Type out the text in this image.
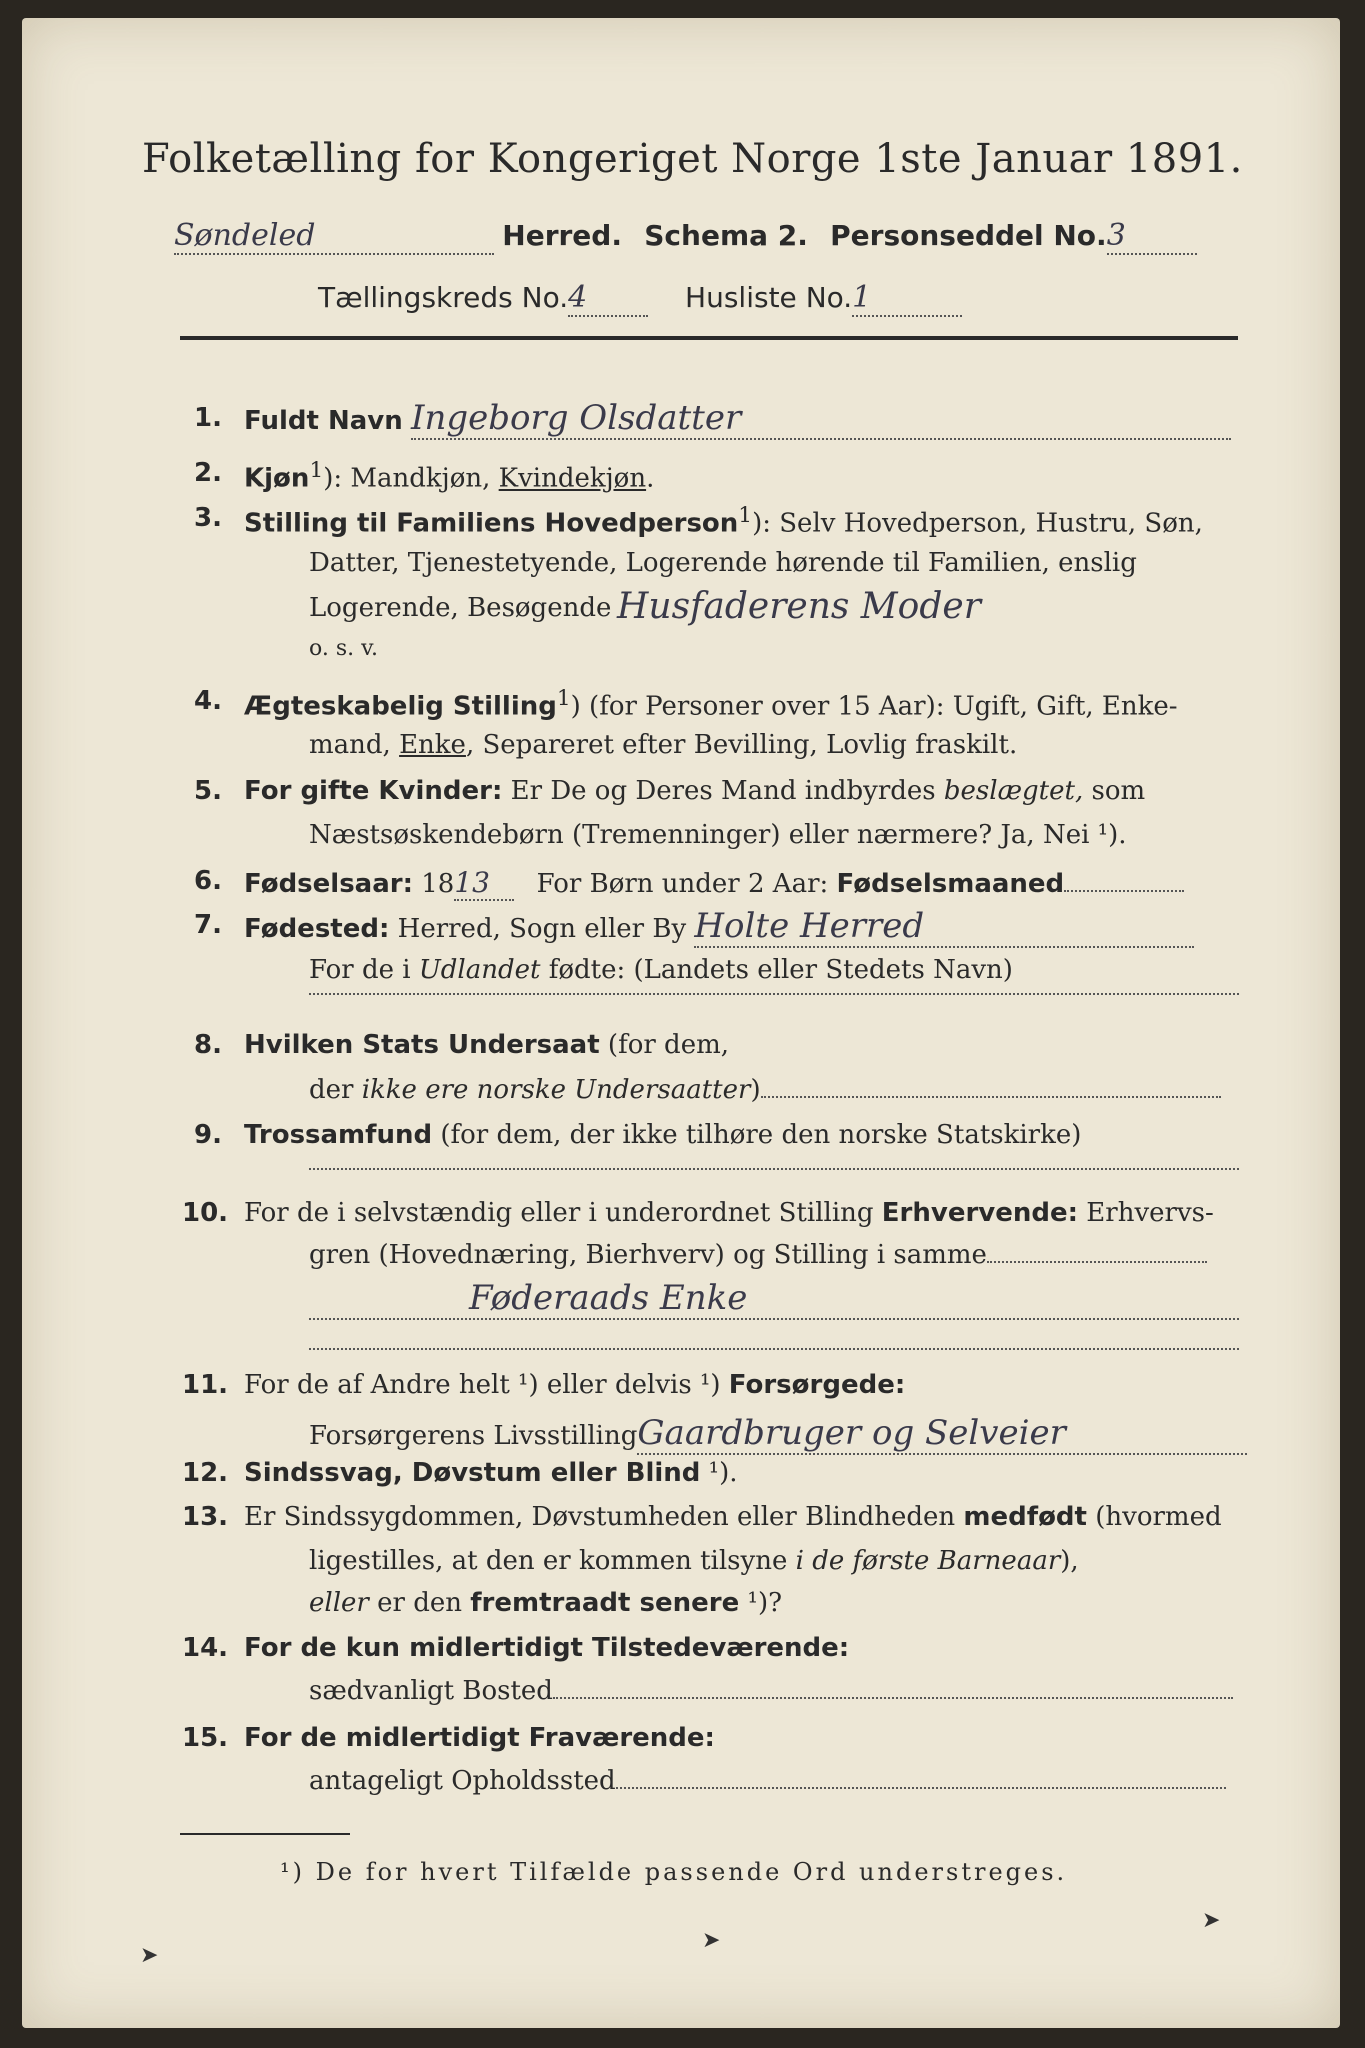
Folketælling for Kongeriget Norge 1ste Januar 1891.
Søndeled	Herred. Schema 2. Personseddel No.3
Tællingskreds No.4	Husliste No.1
1. Fuldt Navn Ingeborg Olsdatter
2. Kjøn$^1$): Mandkjøn, Kvindekjøn.
3. Stilling til Familiens Hovedperson$^1$): Selv Hovedperson, Hustru, Søn,
Datter, Tjenestetyende, Logerende hørende til Familien, enslig
Logerende, Besøgende Husfaderens Moder
o. s. v.
4. Ægteskabelig Stilling$^1$) (for Personer over 15 Aar): Ugift, Gift, Enke-
mand, Enke, Separeret efter Bevilling, Lovlig fraskilt.
5. For gifte Kvinder: Er De og Deres Mand indbyrdes beslægtet, som
Næstsøskendebørn (Tremenninger) eller nærmere? Ja, Nei ¹).
6. Fødselsaar: 1813 For Børn under 2 Aar: Fødselsmaaned
7. Fødested: Herred, Sogn eller By Holte Herred
For de i Udlandet fødte: (Landets eller Stedets Navn)
8. Hvilken Stats Undersaat (for dem,
der ikke ere norske Undersaatter)
9. Trossamfund (for dem, der ikke tilhøre den norske Statskirke)
10. For de i selvstændig eller i underordnet Stilling Erhvervende: Erhvervs-
gren (Hovednæring, Bierhverv) og Stilling i samme
Føderaads Enke
11. For de af Andre helt ¹) eller delvis ¹) Forsørgede:
Forsørgerens LivsstillingGaardbruger og Selveier
12. Sindssvag, Døvstum eller Blind ¹).
13. Er Sindssygdommen, Døvstumheden eller Blindheden medfødt (hvormed
ligestilles, at den er kommen tilsyne i de første Barneaar),
eller er den fremtraadt senere ¹)?
14. For de kun midlertidigt Tilstedeværende:
sædvanligt Bosted
15. For de midlertidigt Fraværende:
antageligt Opholdssted
¹) De for hvert Tilfælde passende Ord understreges.
➤
➤
➤
